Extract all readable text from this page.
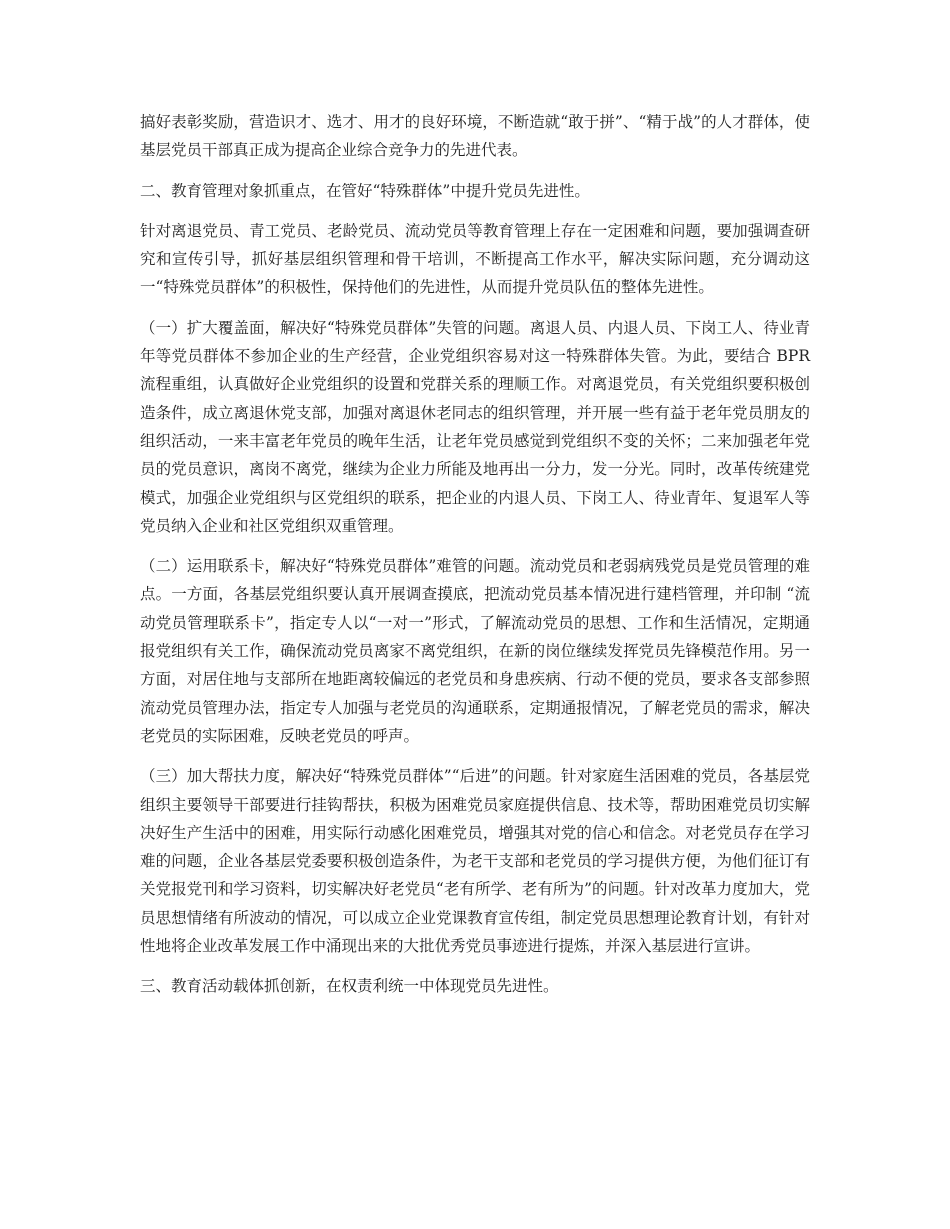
搞好表彰奖励，营造识才、选才、用才的良好环境，不断造就“敢于拼”、“精于战”的人才群体，使基层党员干部真正成为提高企业综合竞争力的先进代表。

二、教育管理对象抓重点，在管好“特殊群体”中提升党员先进性。

针对离退党员、青工党员、老龄党员、流动党员等教育管理上存在一定困难和问题，要加强调查研究和宣传引导，抓好基层组织管理和骨干培训，不断提高工作水平，解决实际问题，充分调动这一“特殊党员群体”的积极性，保持他们的先进性，从而提升党员队伍的整体先进性。

（一）扩大覆盖面，解决好“特殊党员群体”失管的问题。离退人员、内退人员、下岗工人、待业青年等党员群体不参加企业的生产经营，企业党组织容易对这一特殊群体失管。为此，要结合 BPR 流程重组，认真做好企业党组织的设置和党群关系的理顺工作。对离退党员，有关党组织要积极创造条件，成立离退休党支部，加强对离退休老同志的组织管理，并开展一些有益于老年党员朋友的组织活动，一来丰富老年党员的晚年生活，让老年党员感觉到党组织不变的关怀；二来加强老年党员的党员意识，离岗不离党，继续为企业力所能及地再出一分力，发一分光。同时，改革传统建党模式，加强企业党组织与区党组织的联系，把企业的内退人员、下岗工人、待业青年、复退军人等党员纳入企业和社区党组织双重管理。

（二）运用联系卡，解决好“特殊党员群体”难管的问题。流动党员和老弱病残党员是党员管理的难点。一方面，各基层党组织要认真开展调查摸底，把流动党员基本情况进行建档管理，并印制 “流动党员管理联系卡”，指定专人以“一对一”形式，了解流动党员的思想、工作和生活情况，定期通报党组织有关工作，确保流动党员离家不离党组织，在新的岗位继续发挥党员先锋模范作用。另一方面，对居住地与支部所在地距离较偏远的老党员和身患疾病、行动不便的党员，要求各支部参照流动党员管理办法，指定专人加强与老党员的沟通联系，定期通报情况，了解老党员的需求，解决老党员的实际困难，反映老党员的呼声。

（三）加大帮扶力度，解决好“特殊党员群体”“后进”的问题。针对家庭生活困难的党员，各基层党组织主要领导干部要进行挂钩帮扶，积极为困难党员家庭提供信息、技术等，帮助困难党员切实解决好生产生活中的困难，用实际行动感化困难党员，增强其对党的信心和信念。对老党员存在学习难的问题，企业各基层党委要积极创造条件，为老干支部和老党员的学习提供方便，为他们征订有关党报党刊和学习资料，切实解决好老党员“老有所学、老有所为”的问题。针对改革力度加大，党员思想情绪有所波动的情况，可以成立企业党课教育宣传组，制定党员思想理论教育计划，有针对性地将企业改革发展工作中涌现出来的大批优秀党员事迹进行提炼，并深入基层进行宣讲。

三、教育活动载体抓创新，在权责利统一中体现党员先进性。
